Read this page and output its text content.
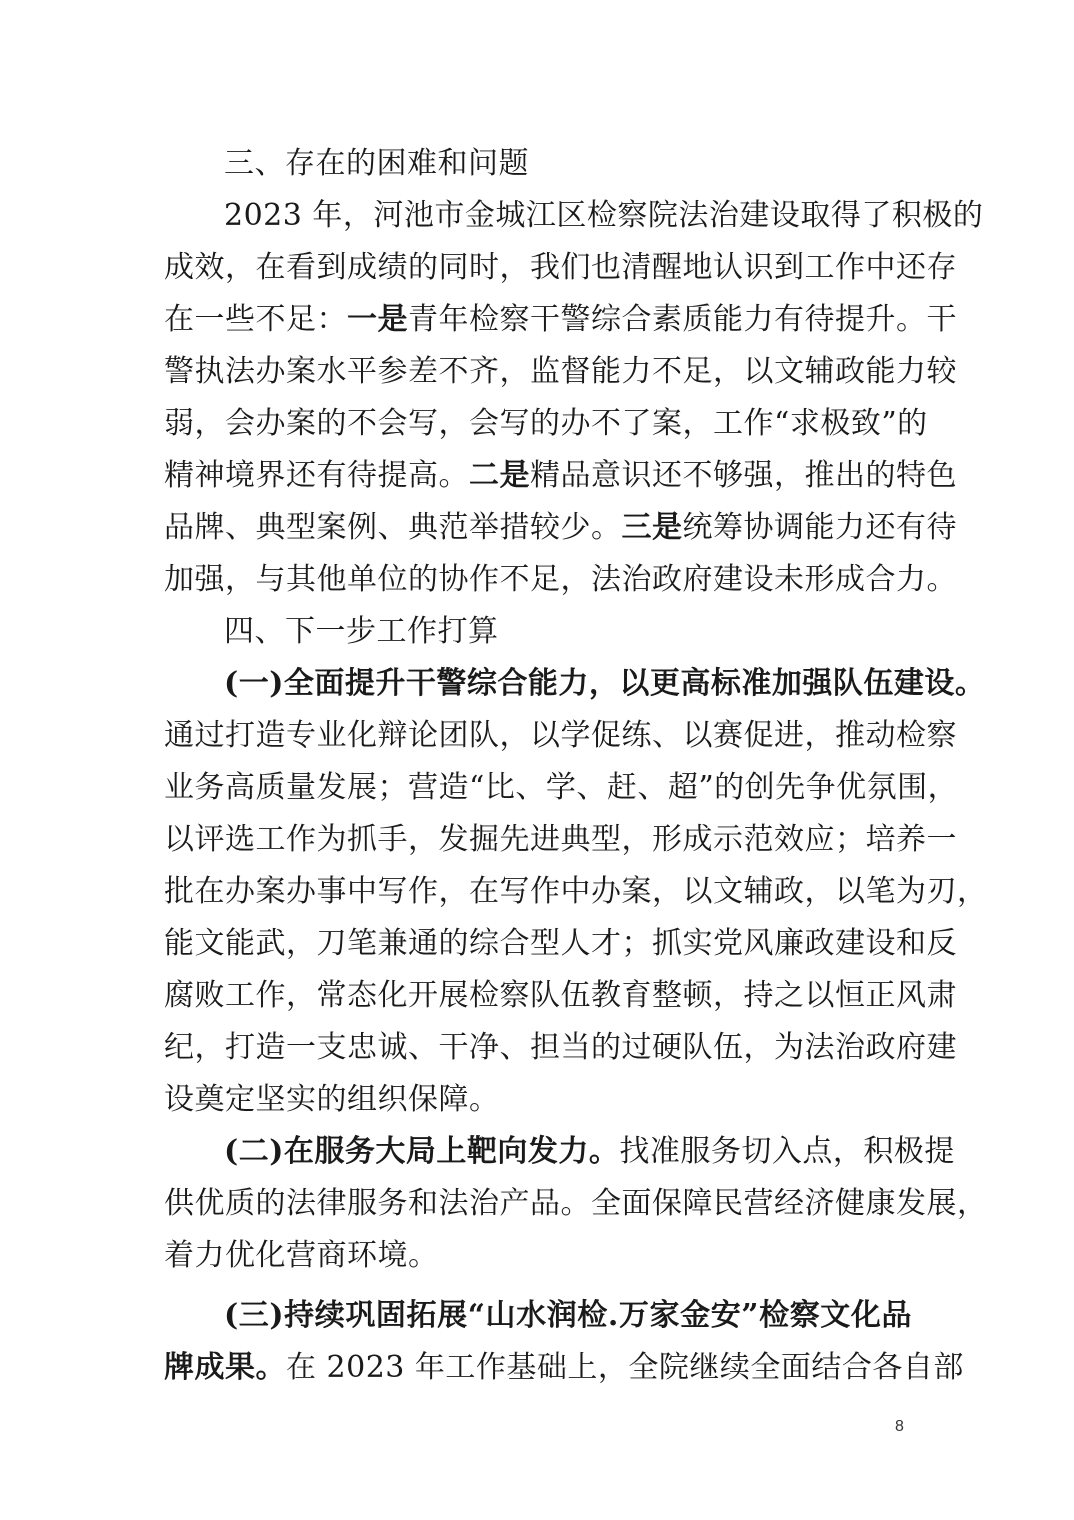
三、存在的困难和问题
2023 年，河池市金城江区检察院法治建设取得了积极的
成效，在看到成绩的同时，我们也清醒地认识到工作中还存
在一些不足：一是青年检察干警综合素质能力有待提升。干
警执法办案水平参差不齐，监督能力不足，以文辅政能力较
弱，会办案的不会写，会写的办不了案，工作“求极致”的
精神境界还有待提高。二是精品意识还不够强，推出的特色
品牌、典型案例、典范举措较少。三是统筹协调能力还有待
加强，与其他单位的协作不足，法治政府建设未形成合力。
四、下一步工作打算
(一)全面提升干警综合能力，以更高标准加强队伍建设。
通过打造专业化辩论团队，以学促练、以赛促进，推动检察
业务高质量发展；营造“比、学、赶、超”的创先争优氛围，
以评选工作为抓手，发掘先进典型，形成示范效应；培养一
批在办案办事中写作，在写作中办案，以文辅政，以笔为刃，
能文能武，刀笔兼通的综合型人才；抓实党风廉政建设和反
腐败工作，常态化开展检察队伍教育整顿，持之以恒正风肃
纪，打造一支忠诚、干净、担当的过硬队伍，为法治政府建
设奠定坚实的组织保障。
(二)在服务大局上靶向发力。找准服务切入点，积极提
供优质的法律服务和法治产品。全面保障民营经济健康发展，
着力优化营商环境。
(三)持续巩固拓展“山水润检.万家金安”检察文化品
牌成果。在 2023 年工作基础上，全院继续全面结合各自部
8
